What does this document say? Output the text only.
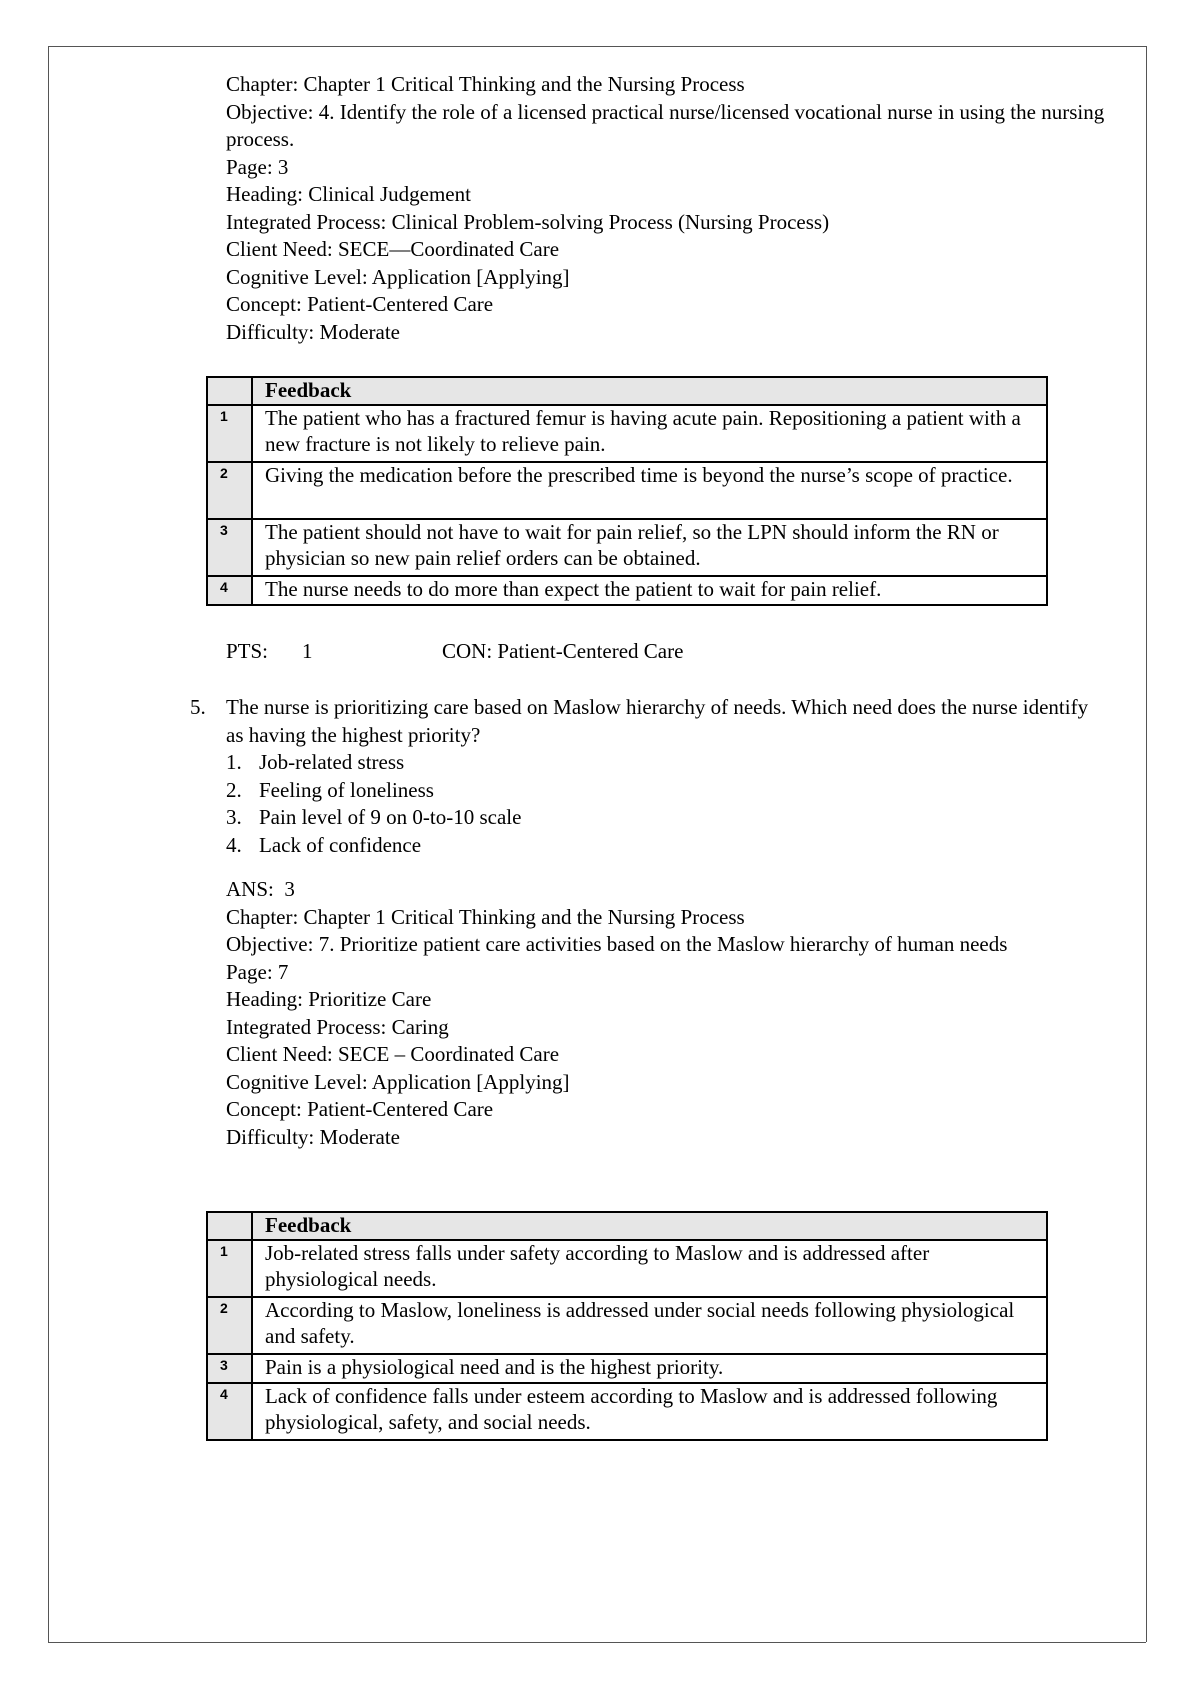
Chapter: Chapter 1 Critical Thinking and the Nursing Process
Objective: 4. Identify the role of a licensed practical nurse/licensed vocational nurse in using the nursing process.
Page: 3
Heading: Clinical Judgement
Integrated Process: Clinical Problem-solving Process (Nursing Process)
Client Need: SECE—Coordinated Care
Cognitive Level: Application [Applying]
Concept: Patient-Centered Care
Difficulty: Moderate
	Feedback
1	The patient who has a fractured femur is having acute pain. Repositioning a patient with a new fracture is not likely to relieve pain.
2	Giving the medication before the prescribed time is beyond the nurse’s scope of practice.
3	The patient should not have to wait for pain relief, so the LPN should inform the RN or physician so new pain relief orders can be obtained.
4	The nurse needs to do more than expect the patient to wait for pain relief.
PTS: 1	CON: Patient-Centered Care
5. The nurse is prioritizing care based on Maslow hierarchy of needs. Which need does the nurse identify as having the highest priority?
1. Job-related stress
2. Feeling of loneliness
3. Pain level of 9 on 0-to-10 scale
4. Lack of confidence
ANS:  3
Chapter: Chapter 1 Critical Thinking and the Nursing Process
Objective: 7. Prioritize patient care activities based on the Maslow hierarchy of human needs
Page: 7
Heading: Prioritize Care
Integrated Process: Caring
Client Need: SECE – Coordinated Care
Cognitive Level: Application [Applying]
Concept: Patient-Centered Care
Difficulty: Moderate
	Feedback
1	Job-related stress falls under safety according to Maslow and is addressed after physiological needs.
2	According to Maslow, loneliness is addressed under social needs following physiological and safety.
3	Pain is a physiological need and is the highest priority.
4	Lack of confidence falls under esteem according to Maslow and is addressed following physiological, safety, and social needs.
